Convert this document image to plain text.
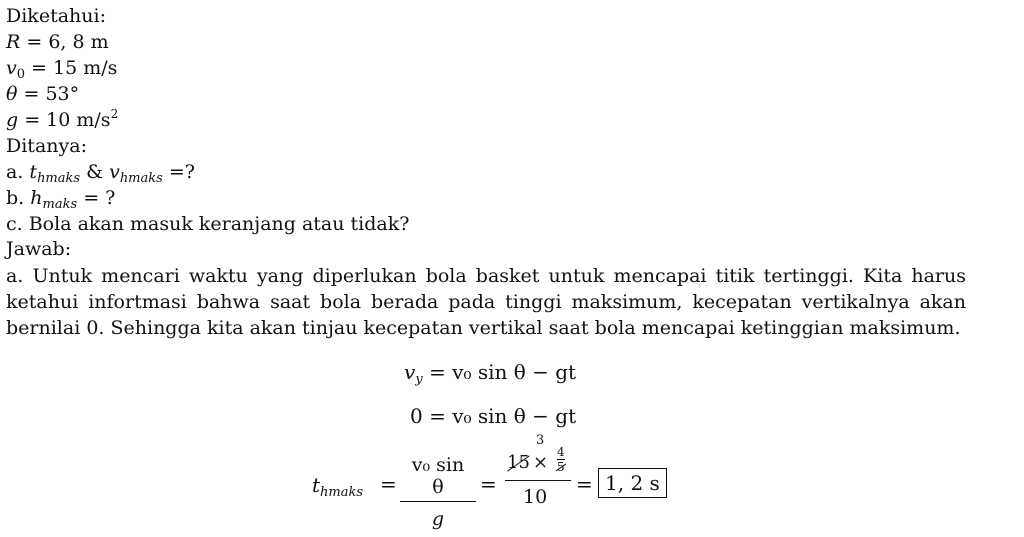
Diketahui:
R = 6, 8 m
$v_0 = 15$ m/s
θ = 53°
g = 10 $m/s^2$
Ditanya:
a. $t_{hmaks}$ & $v_{hmaks}$ =?
b. $h_{maks}$ = ?
c. Bola akan masuk keranjang atau tidak?
Jawab:
a. Untuk mencari waktu yang diperlukan bola basket untuk mencapai titik tertinggi. Kita harus ketahui infortmasi bahwa saat bola berada pada tinggi maksimum, kecepatan vertikalnya akan bernilai 0. Sehingga kita akan tinjau kecepatan vertikal saat bola mencapai ketinggian maksimum.
$v_y = v_0$ sin θ − gt
0 = v₀ sin θ − gt
$t_{hmaks} = \frac{\text{v₀ sin θ}}{g}$ =
3
15 × 4
5
10
= 1, 2 s
